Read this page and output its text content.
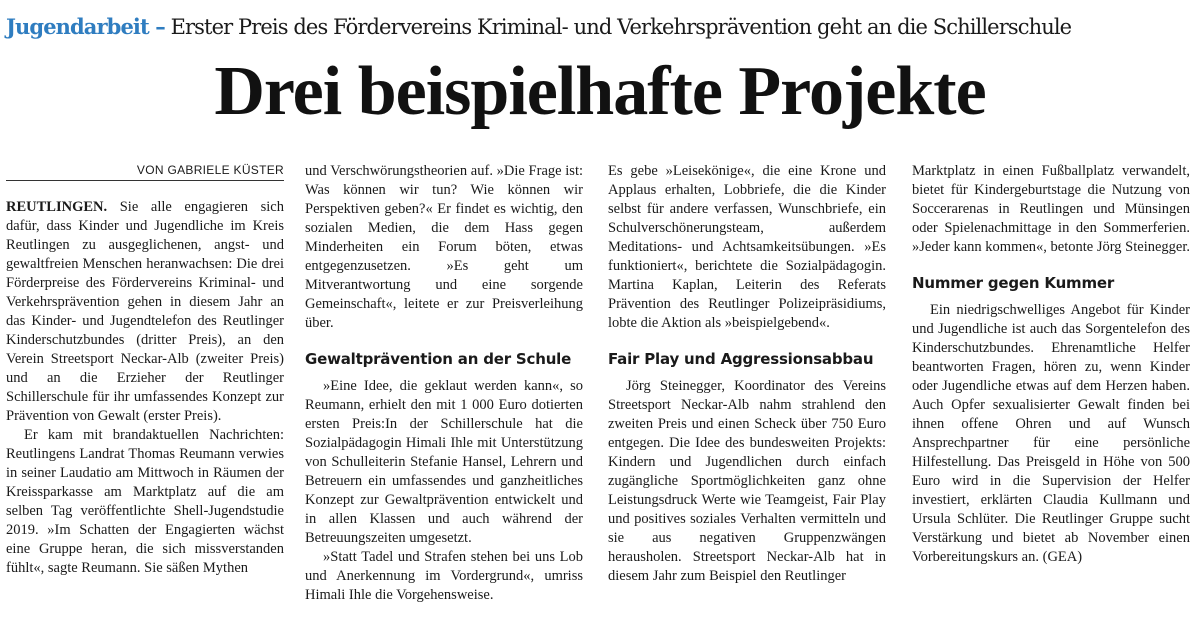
Jugendarbeit – Erster Preis des Fördervereins Kriminal- und Verkehrsprävention geht an die Schillerschule
Drei beispielhafte Projekte
VON GABRIELE KÜSTER

REUTLINGEN. Sie alle engagieren sich dafür, dass Kinder und Jugendliche im Kreis Reutlingen zu ausgeglichenen, angst- und gewaltfreien Menschen heranwachsen: Die drei Förderpreise des Fördervereins Kriminal- und Verkehrsprävention gehen in diesem Jahr an das Kinder- und Jugendtelefon des Reutlinger Kinderschutzbundes (dritter Preis), an den Verein Streetsport Neckar-Alb (zweiter Preis) und an die Erzieher der Reutlinger Schillerschule für ihr umfassendes Konzept zur Prävention von Gewalt (erster Preis).

Er kam mit brandaktuellen Nachrichten: Reutlingens Landrat Thomas Reumann verwies in seiner Laudatio am Mittwoch in Räumen der Kreissparkasse am Marktplatz auf die am selben Tag veröffentlichte Shell-Jugendstudie 2019. »Im Schatten der Engagierten wächst eine Gruppe heran, die sich missverstanden fühlt«, sagte Reumann. Sie säßen Mythen

und Verschwörungstheorien auf. »Die Frage ist: Was können wir tun? Wie können wir Perspektiven geben?« Er findet es wichtig, den sozialen Medien, die dem Hass gegen Minderheiten ein Forum böten, etwas entgegenzusetzen. »Es geht um Mitverantwortung und eine sorgende Gemeinschaft«, leitete er zur Preisverleihung über.

Gewaltprävention an der Schule

»Eine Idee, die geklaut werden kann«, so Reumann, erhielt den mit 1 000 Euro dotierten ersten Preis:In der Schillerschule hat die Sozialpädagogin Himali Ihle mit Unterstützung von Schulleiterin Stefanie Hansel, Lehrern und Betreuern ein umfassendes und ganzheitliches Konzept zur Gewaltprävention entwickelt und in allen Klassen und auch während der Betreuungszeiten umgesetzt.

»Statt Tadel und Strafen stehen bei uns Lob und Anerkennung im Vordergrund«, umriss Himali Ihle die Vorgehensweise.

Es gebe »Leisekönige«, die eine Krone und Applaus erhalten, Lobbriefe, die die Kinder selbst für andere verfassen, Wunschbriefe, ein Schulverschönerungsteam, außerdem Meditations- und Achtsamkeitsübungen. »Es funktioniert«, berichtete die Sozialpädagogin. Martina Kaplan, Leiterin des Referats Prävention des Reutlinger Polizeipräsidiums, lobte die Aktion als »beispielgebend«.

Fair Play und Aggressionsabbau

Jörg Steinegger, Koordinator des Vereins Streetsport Neckar-Alb nahm strahlend den zweiten Preis und einen Scheck über 750 Euro entgegen. Die Idee des bundesweiten Projekts: Kindern und Jugendlichen durch einfach zugängliche Sportmöglichkeiten ganz ohne Leistungsdruck Werte wie Teamgeist, Fair Play und positives soziales Verhalten vermitteln und sie aus negativen Gruppenzwängen herausholen. Streetsport Neckar-Alb hat in diesem Jahr zum Beispiel den Reutlinger

Marktplatz in einen Fußballplatz verwandelt, bietet für Kindergeburtstage die Nutzung von Soccerarenas in Reutlingen und Münsingen oder Spielenachmittage in den Sommerferien. »Jeder kann kommen«, betonte Jörg Steinegger.

Nummer gegen Kummer

Ein niedrigschwelliges Angebot für Kinder und Jugendliche ist auch das Sorgentelefon des Kinderschutzbundes. Ehrenamtliche Helfer beantworten Fragen, hören zu, wenn Kinder oder Jugendliche etwas auf dem Herzen haben. Auch Opfer sexualisierter Gewalt finden bei ihnen offene Ohren und auf Wunsch Ansprechpartner für eine persönliche Hilfestellung. Das Preisgeld in Höhe von 500 Euro wird in die Supervision der Helfer investiert, erklärten Claudia Kullmann und Ursula Schlüter. Die Reutlinger Gruppe sucht Verstärkung und bietet ab November einen Vorbereitungskurs an. (GEA)
